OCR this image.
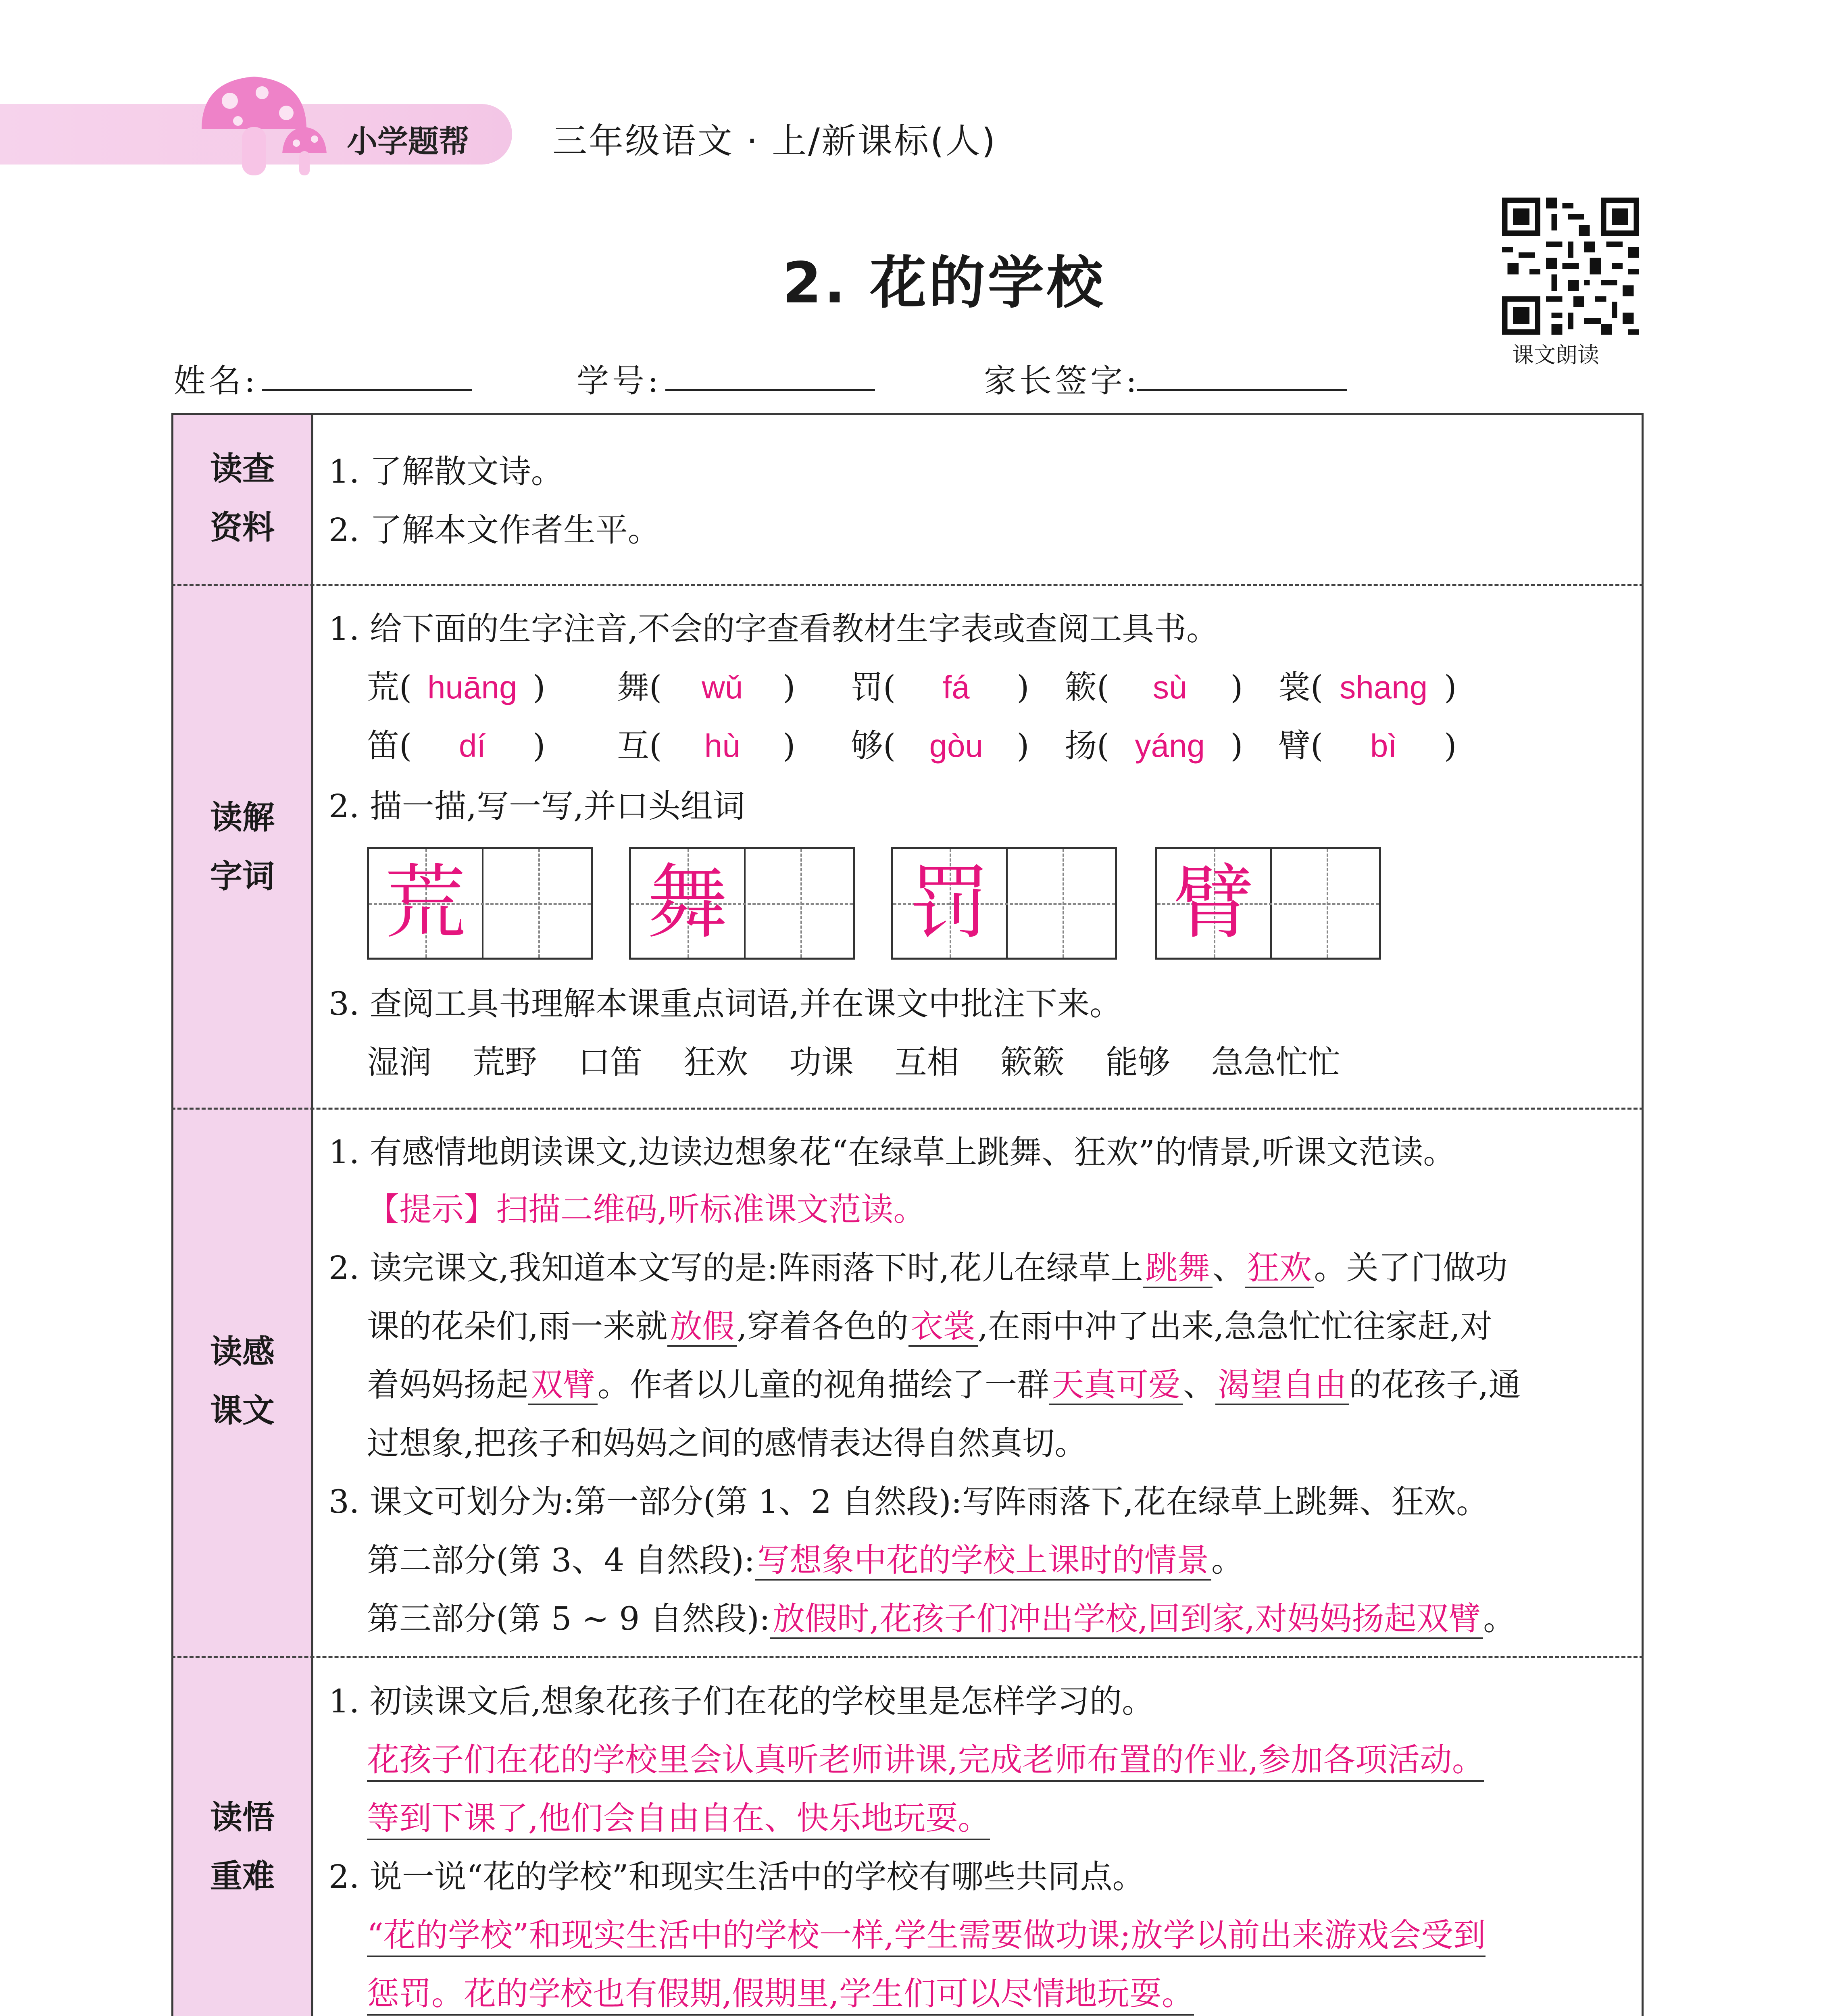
小学题帮 三年级语文 · 上∕新课标(人)
2. 花的学校
课文朗读
姓名:	学号:	家长签字:
读查
资料
读解
字词
读感
课文
读悟
重难
1. 了解散文诗。
2. 了解本文作者生平。
1. 给下面的生字注音,不会的字查看教材生字表或查阅工具书。
荒( huāng ) 舞( wǔ ) 罚( fá ) 簌( sù ) 裳( shang )
笛( dí ) 互( hù ) 够( gòu ) 扬( yáng ) 臂( bì )
2. 描一描,写一写,并口头组词
荒 舞 罚 臂
3. 查阅工具书理解本课重点词语,并在课文中批注下来。
湿润 荒野 口笛 狂欢 功课 互相 簌簌 能够 急急忙忙
1. 有感情地朗读课文,边读边想象花“在绿草上跳舞、狂欢”的情景,听课文范读。
【提示】扫描二维码,听标准课文范读。
2. 读完课文,我知道本文写的是:阵雨落下时,花儿在绿草上跳舞、狂欢。关了门做功
课的花朵们,雨一来就放假,穿着各色的衣裳,在雨中冲了出来,急急忙忙往家赶,对
着妈妈扬起双臂。作者以儿童的视角描绘了一群天真可爱、渴望自由的花孩子,通
过想象,把孩子和妈妈之间的感情表达得自然真切。
3. 课文可划分为:第一部分(第 1、2 自然段):写阵雨落下,花在绿草上跳舞、狂欢。
第二部分(第 3、4 自然段):写想象中花的学校上课时的情景。
第三部分(第 5 ~ 9 自然段):放假时,花孩子们冲出学校,回到家,对妈妈扬起双臂。
1. 初读课文后,想象花孩子们在花的学校里是怎样学习的。
花孩子们在花的学校里会认真听老师讲课,完成老师布置的作业,参加各项活动。
等到下课了,他们会自由自在、快乐地玩耍。
2. 说一说“花的学校”和现实生活中的学校有哪些共同点。
“花的学校”和现实生活中的学校一样,学生需要做功课;放学以前出来游戏会受到
惩罚。花的学校也有假期,假期里,学生们可以尽情地玩耍。
